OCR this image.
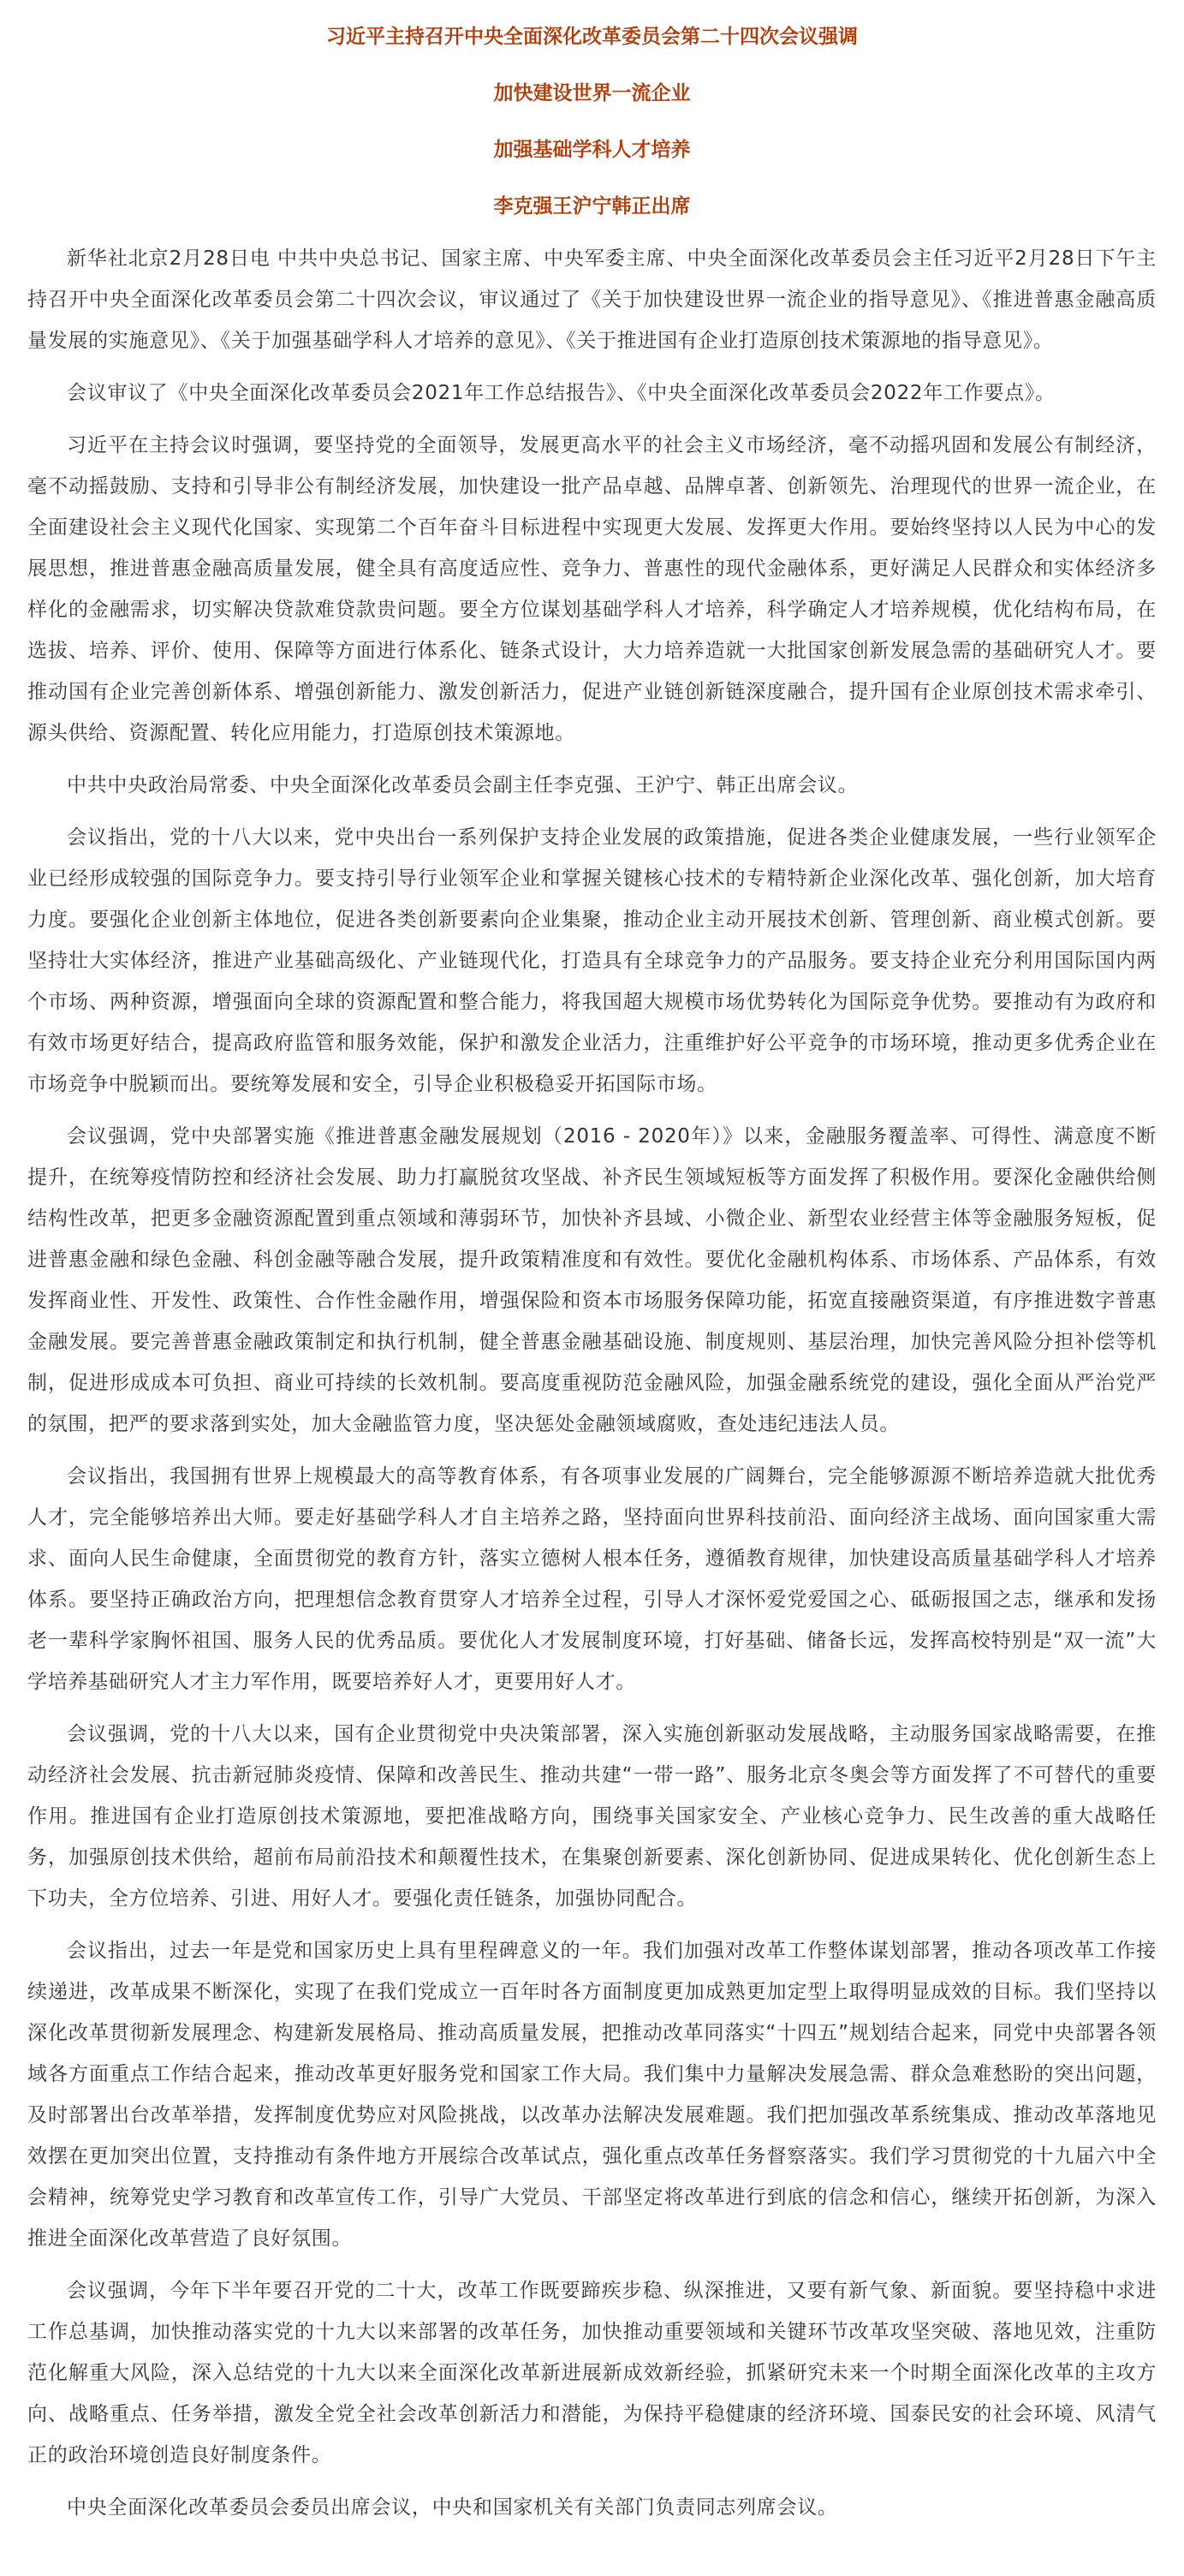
习近平主持召开中央全面深化改革委员会第二十四次会议强调
加快建设世界一流企业
加强基础学科人才培养
李克强王沪宁韩正出席

新华社北京2月28日电 中共中央总书记、国家主席、中央军委主席、中央全面深化改革委员会主任习近平2月28日下午主持召开中央全面深化改革委员会第二十四次会议，审议通过了《关于加快建设世界一流企业的指导意见》、《推进普惠金融高质量发展的实施意见》、《关于加强基础学科人才培养的意见》、《关于推进国有企业打造原创技术策源地的指导意见》。

会议审议了《中央全面深化改革委员会2021年工作总结报告》、《中央全面深化改革委员会2022年工作要点》。

习近平在主持会议时强调，要坚持党的全面领导，发展更高水平的社会主义市场经济，毫不动摇巩固和发展公有制经济，毫不动摇鼓励、支持和引导非公有制经济发展，加快建设一批产品卓越、品牌卓著、创新领先、治理现代的世界一流企业，在全面建设社会主义现代化国家、实现第二个百年奋斗目标进程中实现更大发展、发挥更大作用。要始终坚持以人民为中心的发展思想，推进普惠金融高质量发展，健全具有高度适应性、竞争力、普惠性的现代金融体系，更好满足人民群众和实体经济多样化的金融需求，切实解决贷款难贷款贵问题。要全方位谋划基础学科人才培养，科学确定人才培养规模，优化结构布局，在选拔、培养、评价、使用、保障等方面进行体系化、链条式设计，大力培养造就一大批国家创新发展急需的基础研究人才。要推动国有企业完善创新体系、增强创新能力、激发创新活力，促进产业链创新链深度融合，提升国有企业原创技术需求牵引、源头供给、资源配置、转化应用能力，打造原创技术策源地。

中共中央政治局常委、中央全面深化改革委员会副主任李克强、王沪宁、韩正出席会议。

会议指出，党的十八大以来，党中央出台一系列保护支持企业发展的政策措施，促进各类企业健康发展，一些行业领军企业已经形成较强的国际竞争力。要支持引导行业领军企业和掌握关键核心技术的专精特新企业深化改革、强化创新，加大培育力度。要强化企业创新主体地位，促进各类创新要素向企业集聚，推动企业主动开展技术创新、管理创新、商业模式创新。要坚持壮大实体经济，推进产业基础高级化、产业链现代化，打造具有全球竞争力的产品服务。要支持企业充分利用国际国内两个市场、两种资源，增强面向全球的资源配置和整合能力，将我国超大规模市场优势转化为国际竞争优势。要推动有为政府和有效市场更好结合，提高政府监管和服务效能，保护和激发企业活力，注重维护好公平竞争的市场环境，推动更多优秀企业在市场竞争中脱颖而出。要统筹发展和安全，引导企业积极稳妥开拓国际市场。

会议强调，党中央部署实施《推进普惠金融发展规划（2016 - 2020年）》以来，金融服务覆盖率、可得性、满意度不断提升，在统筹疫情防控和经济社会发展、助力打赢脱贫攻坚战、补齐民生领域短板等方面发挥了积极作用。要深化金融供给侧结构性改革，把更多金融资源配置到重点领域和薄弱环节，加快补齐县域、小微企业、新型农业经营主体等金融服务短板，促进普惠金融和绿色金融、科创金融等融合发展，提升政策精准度和有效性。要优化金融机构体系、市场体系、产品体系，有效发挥商业性、开发性、政策性、合作性金融作用，增强保险和资本市场服务保障功能，拓宽直接融资渠道，有序推进数字普惠金融发展。要完善普惠金融政策制定和执行机制，健全普惠金融基础设施、制度规则、基层治理，加快完善风险分担补偿等机制，促进形成成本可负担、商业可持续的长效机制。要高度重视防范金融风险，加强金融系统党的建设，强化全面从严治党严的氛围，把严的要求落到实处，加大金融监管力度，坚决惩处金融领域腐败，查处违纪违法人员。

会议指出，我国拥有世界上规模最大的高等教育体系，有各项事业发展的广阔舞台，完全能够源源不断培养造就大批优秀人才，完全能够培养出大师。要走好基础学科人才自主培养之路，坚持面向世界科技前沿、面向经济主战场、面向国家重大需求、面向人民生命健康，全面贯彻党的教育方针，落实立德树人根本任务，遵循教育规律，加快建设高质量基础学科人才培养体系。要坚持正确政治方向，把理想信念教育贯穿人才培养全过程，引导人才深怀爱党爱国之心、砥砺报国之志，继承和发扬老一辈科学家胸怀祖国、服务人民的优秀品质。要优化人才发展制度环境，打好基础、储备长远，发挥高校特别是“双一流”大学培养基础研究人才主力军作用，既要培养好人才，更要用好人才。

会议强调，党的十八大以来，国有企业贯彻党中央决策部署，深入实施创新驱动发展战略，主动服务国家战略需要，在推动经济社会发展、抗击新冠肺炎疫情、保障和改善民生、推动共建“一带一路”、服务北京冬奥会等方面发挥了不可替代的重要作用。推进国有企业打造原创技术策源地，要把准战略方向，围绕事关国家安全、产业核心竞争力、民生改善的重大战略任务，加强原创技术供给，超前布局前沿技术和颠覆性技术，在集聚创新要素、深化创新协同、促进成果转化、优化创新生态上下功夫，全方位培养、引进、用好人才。要强化责任链条，加强协同配合。

会议指出，过去一年是党和国家历史上具有里程碑意义的一年。我们加强对改革工作整体谋划部署，推动各项改革工作接续递进，改革成果不断深化，实现了在我们党成立一百年时各方面制度更加成熟更加定型上取得明显成效的目标。我们坚持以深化改革贯彻新发展理念、构建新发展格局、推动高质量发展，把推动改革同落实“十四五”规划结合起来，同党中央部署各领域各方面重点工作结合起来，推动改革更好服务党和国家工作大局。我们集中力量解决发展急需、群众急难愁盼的突出问题，及时部署出台改革举措，发挥制度优势应对风险挑战，以改革办法解决发展难题。我们把加强改革系统集成、推动改革落地见效摆在更加突出位置，支持推动有条件地方开展综合改革试点，强化重点改革任务督察落实。我们学习贯彻党的十九届六中全会精神，统筹党史学习教育和改革宣传工作，引导广大党员、干部坚定将改革进行到底的信念和信心，继续开拓创新，为深入推进全面深化改革营造了良好氛围。

会议强调，今年下半年要召开党的二十大，改革工作既要蹄疾步稳、纵深推进，又要有新气象、新面貌。要坚持稳中求进工作总基调，加快推动落实党的十九大以来部署的改革任务，加快推动重要领域和关键环节改革攻坚突破、落地见效，注重防范化解重大风险，深入总结党的十九大以来全面深化改革新进展新成效新经验，抓紧研究未来一个时期全面深化改革的主攻方向、战略重点、任务举措，激发全党全社会改革创新活力和潜能，为保持平稳健康的经济环境、国泰民安的社会环境、风清气正的政治环境创造良好制度条件。

中央全面深化改革委员会委员出席会议，中央和国家机关有关部门负责同志列席会议。
